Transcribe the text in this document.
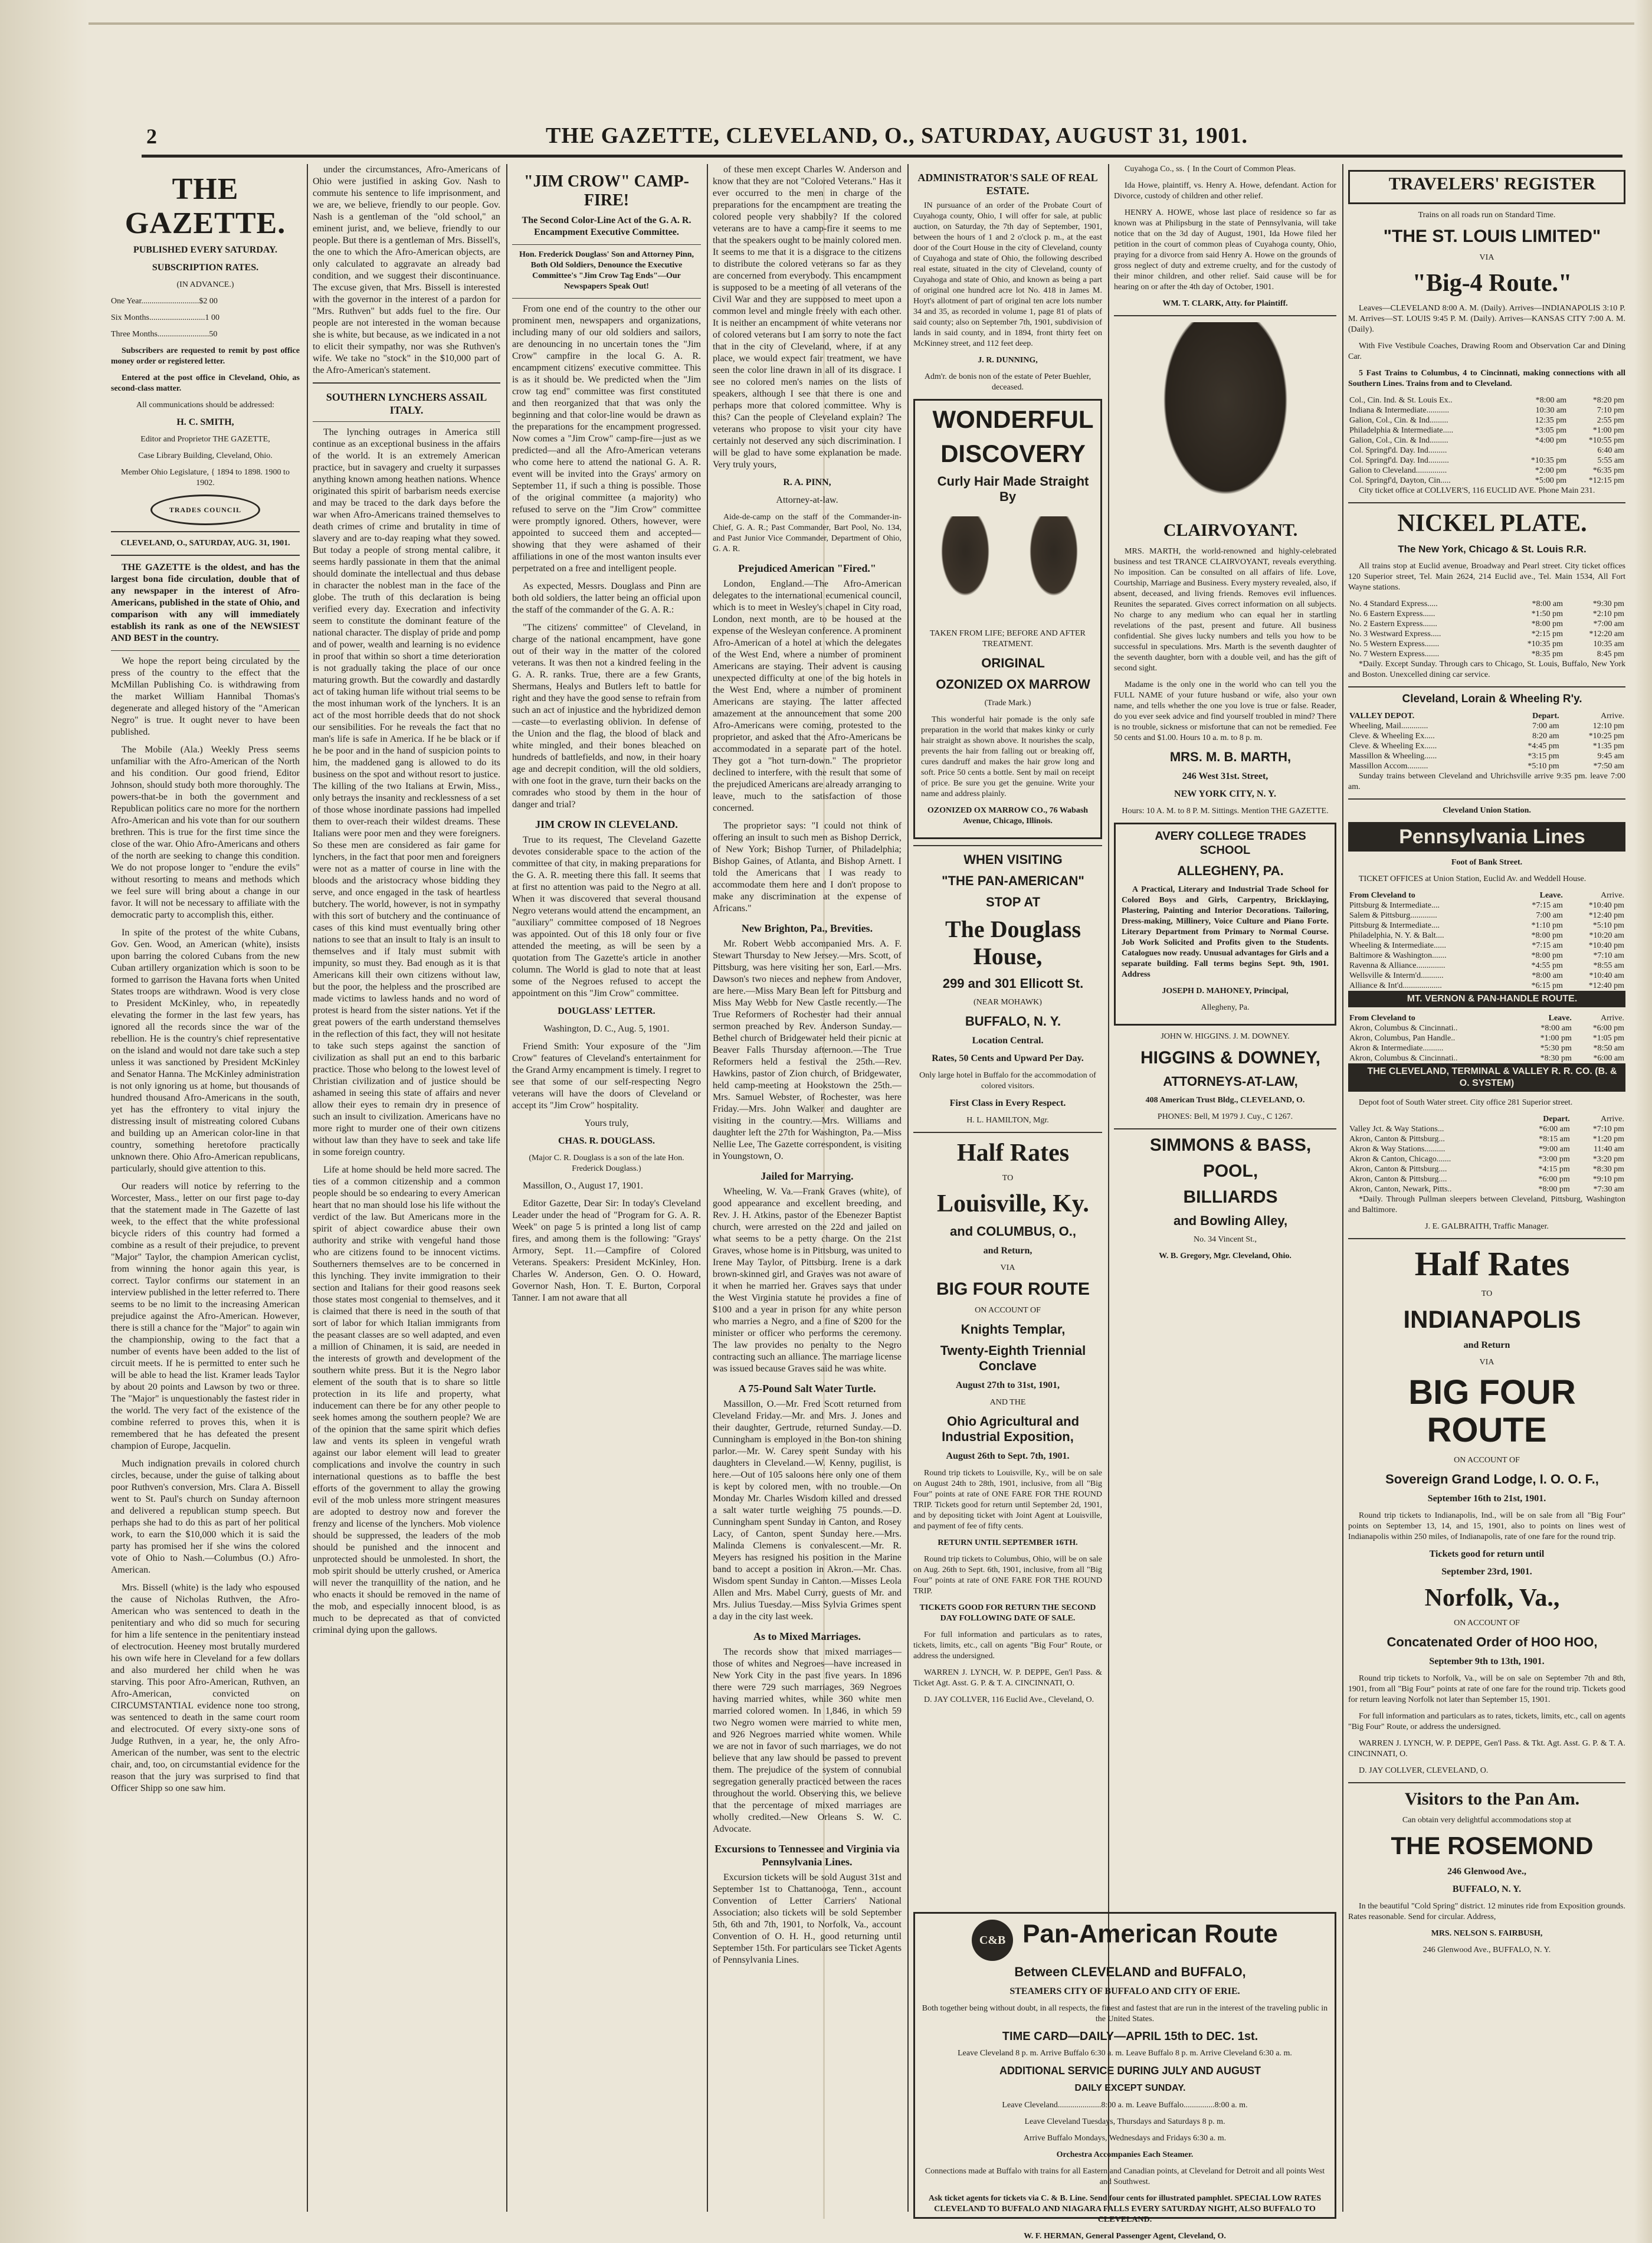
2	THE GAZETTE, CLEVELAND, O., SATURDAY, AUGUST 31, 1901.
THE GAZETTE.

PUBLISHED EVERY SATURDAY.

SUBSCRIPTION RATES.

(IN ADVANCE.)

One Year............................$2 00

Six Months...........................1 00

Three Months.........................50

Subscribers are requested to remit by post office money order or registered letter.

Entered at the post office in Cleveland, Ohio, as second-class matter.

All communications should be addressed:

H. C. SMITH,

Editor and Proprietor THE GAZETTE,

Case Library Building, Cleveland, Ohio.

Member Ohio Legislature, { 1894 to 1898. 1900 to 1902.

TRADES COUNCIL

CLEVELAND, O., SATURDAY, AUG. 31, 1901.

THE GAZETTE is the oldest, and has the largest bona fide circulation, double that of any newspaper in the interest of Afro-Americans, published in the state of Ohio, and comparison with any will immediately establish its rank as one of the NEWSIEST AND BEST in the country.

We hope the report being circulated by the press of the country to the effect that the McMillan Publishing Co. is withdrawing from the market William Hannibal Thomas's degenerate and alleged history of the "American Negro" is true. It ought never to have been published.

The Mobile (Ala.) Weekly Press seems unfamiliar with the Afro-American of the North and his condition. Our good friend, Editor Johnson, should study both more thoroughly. The powers-that-be in both the government and Republican politics care no more for the northern Afro-American and his vote than for our southern brethren. This is true for the first time since the close of the war. Ohio Afro-Americans and others of the north are seeking to change this condition. We do not propose longer to "endure the evils" without resorting to means and methods which we feel sure will bring about a change in our favor. It will not be necessary to affiliate with the democratic party to accomplish this, either.

In spite of the protest of the white Cubans, Gov. Gen. Wood, an American (white), insists upon barring the colored Cubans from the new Cuban artillery organization which is soon to be formed to garrison the Havana forts when United States troops are withdrawn. Wood is very close to President McKinley, who, in repeatedly elevating the former in the last few years, has ignored all the records since the war of the rebellion. He is the country's chief representative on the island and would not dare take such a step unless it was sanctioned by President McKinley and Senator Hanna. The McKinley administration is not only ignoring us at home, but thousands of hundred thousand Afro-Americans in the south, yet has the effrontery to vital injury the distressing insult of mistreating colored Cubans and building up an American color-line in that country, something heretofore practically unknown there. Ohio Afro-American republicans, particularly, should give attention to this.

Our readers will notice by referring to the Worcester, Mass., letter on our first page to-day that the statement made in The Gazette of last week, to the effect that the white professional bicycle riders of this country had formed a combine as a result of their prejudice, to prevent "Major" Taylor, the champion American cyclist, from winning the honor again this year, is correct. Taylor confirms our statement in an interview published in the letter referred to. There seems to be no limit to the increasing American prejudice against the Afro-American. However, there is still a chance for the "Major" to again win the championship, owing to the fact that a number of events have been added to the list of circuit meets. If he is permitted to enter such he will be able to head the list. Kramer leads Taylor by about 20 points and Lawson by two or three. The "Major" is unquestionably the fastest rider in the world. The very fact of the existence of the combine referred to proves this, when it is remembered that he has defeated the present champion of Europe, Jacquelin.

Much indignation prevails in colored church circles, because, under the guise of talking about poor Ruthven's conversion, Mrs. Clara A. Bissell went to St. Paul's church on Sunday afternoon and delivered a republican stump speech. But perhaps she had to do this as part of her political work, to earn the $10,000 which it is said the party has promised her if she wins the colored vote of Ohio to Nash.—Columbus (O.) Afro-American.

Mrs. Bissell (white) is the lady who espoused the cause of Nicholas Ruthven, the Afro-American who was sentenced to death in the penitentiary and who did so much for securing for him a life sentence in the penitentiary instead of electrocution. Heeney most brutally murdered his own wife here in Cleveland for a few dollars and also murdered her child when he was starving. This poor Afro-American, Ruthven, an Afro-American, convicted on CIRCUMSTANTIAL evidence none too strong, was sentenced to death in the same court room and electrocuted. Of every sixty-one sons of Judge Ruthven, in a year, he, the only Afro-American of the number, was sent to the electric chair, and, too, on circumstantial evidence for the reason that the jury was surprised to find that Officer Shipp so one saw him.

under the circumstances, Afro-Americans of Ohio were justified in asking Gov. Nash to commute his sentence to life imprisonment, and we are, we believe, friendly to our people. Gov. Nash is a gentleman of the "old school," an eminent jurist, and, we believe, friendly to our people. But there is a gentleman of Mrs. Bissell's, the one to which the Afro-American objects, are only calculated to aggravate an already bad condition, and we suggest their discontinuance. The excuse given, that Mrs. Bissell is interested with the governor in the interest of a pardon for "Mrs. Ruthven" but adds fuel to the fire. Our people are not interested in the woman because she is white, but because, as we indicated in a not to elicit their sympathy, nor was she Ruthven's wife. We take no "stock" in the $10,000 part of the Afro-American's statement.

SOUTHERN LYNCHERS ASSAIL ITALY.

The lynching outrages in America still continue as an exceptional business in the affairs of the world. It is an extremely American practice, but in savagery and cruelty it surpasses anything known among heathen nations. Whence originated this spirit of barbarism needs exercise and may be traced to the dark days before the war when Afro-Americans trained themselves to death crimes of crime and brutality in time of slavery and are to-day reaping what they sowed. But today a people of strong mental calibre, it seems hardly passionate in them that the animal should dominate the intellectual and thus debase in character the noblest man in the face of the globe. The truth of this declaration is being verified every day. Execration and infectivity seem to constitute the dominant feature of the national character. The display of pride and pomp and of power, wealth and learning is no evidence in proof that within so short a time deterioration is not gradually taking the place of our once maturing growth. But the cowardly and dastardly act of taking human life without trial seems to be the most inhuman work of the lynchers. It is an act of the most horrible deeds that do not shock our sensibilities. For he reveals the fact that no man's life is safe in America. If he be black or if he be poor and in the hand of suspicion points to him, the maddened gang is allowed to do its business on the spot and without resort to justice. The killing of the two Italians at Erwin, Miss., only betrays the insanity and recklessness of a set of those whose inordinate passions had impelled them to over-reach their wildest dreams. These Italians were poor men and they were foreigners. So these men are considered as fair game for lynchers, in the fact that poor men and foreigners were not as a matter of course in line with the bloods and the aristocracy whose bidding they serve, and once engaged in the task of heartless butchery. The world, however, is not in sympathy with this sort of butchery and the continuance of cases of this kind must eventually bring other nations to see that an insult to Italy is an insult to themselves and if Italy must submit with impunity, so must they. Bad enough as it is that Americans kill their own citizens without law, but the poor, the helpless and the proscribed are made victims to lawless hands and no word of protest is heard from the sister nations. Yet if the great powers of the earth understand themselves in the reflection of this fact, they will not hesitate to take such steps against the sanction of civilization as shall put an end to this barbaric practice. Those who belong to the lowest level of Christian civilization and of justice should be ashamed in seeing this state of affairs and never allow their eyes to remain dry in presence of such an insult to civilization. Americans have no more right to murder one of their own citizens without law than they have to seek and take life in some foreign country.

Life at home should be held more sacred. The ties of a common citizenship and a common people should be so endearing to every American heart that no man should lose his life without the verdict of the law. But Americans more in the spirit of abject cowardice abuse their own authority and strike with vengeful hand those who are citizens found to be innocent victims. Southerners themselves are to be concerned in this lynching. They invite immigration to their section and Italians for their good reasons seek those states most congenial to themselves, and it is claimed that there is need in the south of that sort of labor for which Italian immigrants from the peasant classes are so well adapted, and even a million of Chinamen, it is said, are needed in the interests of growth and development of the southern white press. But it is the Negro labor element of the south that is to share so little protection in its life and property, what inducement can there be for any other people to seek homes among the southern people? We are of the opinion that the same spirit which defies law and vents its spleen in vengeful wrath against our labor element will lead to greater complications and involve the country in such international questions as to baffle the best efforts of the government to allay the growing evil of the mob unless more stringent measures are adopted to destroy now and forever the frenzy and license of the lynchers. Mob violence should be suppressed, the leaders of the mob should be punished and the innocent and unprotected should be unmolested. In short, the mob spirit should be utterly crushed, or America will never the tranquillity of the nation, and he who enacts it should be removed in the name of the mob, and especially innocent blood, is as much to be deprecated as that of convicted criminal dying upon the gallows.

"JIM CROW" CAMP-FIRE!

The Second Color-Line Act of the G. A. R. Encampment Executive Committee.

Hon. Frederick Douglass' Son and Attorney Pinn, Both Old Soldiers, Denounce the Executive Committee's "Jim Crow Tag Ends"—Our Newspapers Speak Out!

From one end of the country to the other our prominent men, newspapers and organizations, including many of our old soldiers and sailors, are denouncing in no uncertain tones the "Jim Crow" campfire in the local G. A. R. encampment citizens' executive committee. This is as it should be. We predicted when the "Jim crow tag end" committee was first constituted and then reorganized that that was only the beginning and that color-line would be drawn as the preparations for the encampment progressed. Now comes a "Jim Crow" camp-fire—just as we predicted—and all the Afro-American veterans who come here to attend the national G. A. R. event will be invited into the Grays' armory on September 11, if such a thing is possible. Those of the original committee (a majority) who refused to serve on the "Jim Crow" committee were promptly ignored. Others, however, were appointed to succeed them and accepted—showing that they were ashamed of their affiliations in one of the most wanton insults ever perpetrated on a free and intelligent people.

As expected, Messrs. Douglass and Pinn are both old soldiers, the latter being an official upon the staff of the commander of the G. A. R.:

"The citizens' committee" of Cleveland, in charge of the national encampment, have gone out of their way in the matter of the colored veterans. It was then not a kindred feeling in the G. A. R. ranks. True, there are a few Grants, Shermans, Healys and Butlers left to battle for right and they have the good sense to refrain from such an act of injustice and the hybridized demon—caste—to everlasting oblivion. In defense of the Union and the flag, the blood of black and white mingled, and their bones bleached on hundreds of battlefields, and now, in their hoary age and decrepit condition, will the old soldiers, with one foot in the grave, turn their backs on the comrades who stood by them in the hour of danger and trial?

JIM CROW IN CLEVELAND.

True to its request, The Cleveland Gazette devotes considerable space to the action of the committee of that city, in making preparations for the G. A. R. meeting there this fall. It seems that at first no attention was paid to the Negro at all. When it was discovered that several thousand Negro veterans would attend the encampment, an "auxiliary" committee composed of 18 Negroes was appointed. Out of this 18 only four or five attended the meeting, as will be seen by a quotation from The Gazette's article in another column. The World is glad to note that at least some of the Negroes refused to accept the appointment on this "Jim Crow" committee.

DOUGLASS' LETTER.

Washington, D. C., Aug. 5, 1901.

Friend Smith: Your exposure of the "Jim Crow" features of Cleveland's entertainment for the Grand Army encampment is timely. I regret to see that some of our self-respecting Negro veterans will have the doors of Cleveland or accept its "Jim Crow" hospitality.

Yours truly,

CHAS. R. DOUGLASS.

(Major C. R. Douglass is a son of the late Hon. Frederick Douglass.)

Massillon, O., August 17, 1901.

Editor Gazette, Dear Sir: In today's Cleveland Leader under the head of "Program for G. A. R. Week" on page 5 is printed a long list of camp fires, and among them is the following: "Grays' Armory, Sept. 11.—Campfire of Colored Veterans. Speakers: President McKinley, Hon. Charles W. Anderson, Gen. O. O. Howard, Governor Nash, Hon. T. E. Burton, Corporal Tanner. I am not aware that all

of these men except Charles W. Anderson and know that they are not "Colored Veterans." Has it ever occurred to the men in charge of the preparations for the encampment are treating the colored people very shabbily? If the colored veterans are to have a camp-fire it seems to me that the speakers ought to be mainly colored men. It seems to me that it is a disgrace to the citizens to distribute the colored veterans so far as they are concerned from everybody. This encampment is supposed to be a meeting of all veterans of the Civil War and they are supposed to meet upon a common level and mingle freely with each other. It is neither an encampment of white veterans nor of colored veterans but I am sorry to note the fact that in the city of Cleveland, where, if at any place, we would expect fair treatment, we have seen the color line drawn in all of its disgrace. I see no colored men's names on the lists of speakers, although I see that there is one and perhaps more that colored committee. Why is this? Can the people of Cleveland explain? The veterans who propose to visit your city have certainly not deserved any such discrimination. I will be glad to have some explanation be made. Very truly yours,

R. A. PINN,

Attorney-at-law.

Aide-de-camp on the staff of the Commander-in-Chief, G. A. R.; Past Commander, Bart Pool, No. 134, and Past Junior Vice Commander, Department of Ohio, G. A. R.

Prejudiced American "Fired."

London, England.—The Afro-American delegates to the international ecumenical council, which is to meet in Wesley's chapel in City road, London, next month, are to be housed at the expense of the Wesleyan conference. A prominent Afro-American of a hotel at which the delegates of the West End, where a number of prominent Americans are staying. Their advent is causing unexpected difficulty at one of the big hotels in the West End, where a number of prominent Americans are staying. The latter affected amazement at the announcement that some 200 Afro-Americans were coming, protested to the proprietor, and asked that the Afro-Americans be accommodated in a separate part of the hotel. They got a "hot turn-down." The proprietor declined to interfere, with the result that some of the prejudiced Americans are already arranging to leave, much to the satisfaction of those concerned.

The proprietor says: "I could not think of offering an insult to such men as Bishop Derrick, of New York; Bishop Turner, of Philadelphia; Bishop Gaines, of Atlanta, and Bishop Arnett. I told the Americans that I was ready to accommodate them here and I don't propose to make any discrimination at the expense of Africans."

New Brighton, Pa., Brevities.

Mr. Robert Webb accompanied Mrs. A. F. Stewart Thursday to New Jersey.—Mrs. Scott, of Pittsburg, was here visiting her son, Earl.—Mrs. Dawson's two nieces and nephew from Andover, are here.—Miss Mary Bean left for Pittsburg and Miss May Webb for New Castle recently.—The True Reformers of Rochester had their annual sermon preached by Rev. Anderson Sunday.—Bethel church of Bridgewater held their picnic at Beaver Falls Thursday afternoon.—The True Reformers held a festival the 25th.—Rev. Hawkins, pastor of Zion church, of Bridgewater, held camp-meeting at Hookstown the 25th.—Mrs. Samuel Webster, of Rochester, was here Friday.—Mrs. John Walker and daughter are visiting in the country.—Mrs. Williams and daughter left the 27th for Washington, Pa.—Miss Nellie Lee, The Gazette correspondent, is visiting in Youngstown, O.

Jailed for Marrying.

Wheeling, W. Va.—Frank Graves (white), of good appearance and excellent breeding, and Rev. J. H. Atkins, pastor of the Ebenezer Baptist church, were arrested on the 22d and jailed on what seems to be a petty charge. On the 21st Graves, whose home is in Pittsburg, was united to Irene May Taylor, of Pittsburg. Irene is a dark brown-skinned girl, and Graves was not aware of it when he married her. Graves says that under the West Virginia statute he provides a fine of $100 and a year in prison for any white person who marries a Negro, and a fine of $200 for the minister or officer who performs the ceremony. The law provides no penalty to the Negro contracting such an alliance. The marriage license was issued because Graves said he was white.

A 75-Pound Salt Water Turtle.

Massillon, O.—Mr. Fred Scott returned from Cleveland Friday.—Mr. and Mrs. J. Jones and their daughter, Gertrude, returned Sunday.—D. Cunningham is employed in the Bon-ton shining parlor.—Mr. W. Carey spent Sunday with his daughters in Cleveland.—W. Kenny, pugilist, is here.—Out of 105 saloons here only one of them is kept by colored men, with no trouble.—On Monday Mr. Charles Wisdom killed and dressed a salt water turtle weighing 75 pounds.—D. Cunningham spent Sunday in Canton, and Rosey Lacy, of Canton, spent Sunday here.—Mrs. Malinda Clemens is convalescent.—Mr. R. Meyers has resigned his position in the Marine band to accept a position in Akron.—Mr. Chas. Wisdom spent Sunday in Canton.—Misses Leola Allen and Mrs. Mabel Curry, guests of Mr. and Mrs. Julius Tuesday.—Miss Sylvia Grimes spent a day in the city last week.

As to Mixed Marriages.

The records show that mixed marriages—those of whites and Negroes—have increased in New York City in the past five years. In 1896 there were 729 such marriages, 369 Negroes having married whites, while 360 white men married colored women. In 1,846, in which 59 two Negro women were married to white men, and 926 Negroes married white women. While we are not in favor of such marriages, we do not believe that any law should be passed to prevent them. The prejudice of the system of connubial segregation generally practiced between the races throughout the world. Observing this, we believe that the percentage of mixed marriages are wholly credited.—New Orleans S. W. C. Advocate.

Excursions to Tennessee and Virginia via Pennsylvania Lines.

Excursion tickets will be sold August 31st and September 1st to Chattanooga, Tenn., account Convention of Letter Carriers' National Association; also tickets will be sold September 5th, 6th and 7th, 1901, to Norfolk, Va., account Convention of O. H. H., good returning until September 15th. For particulars see Ticket Agents of Pennsylvania Lines.

ADMINISTRATOR'S SALE OF REAL ESTATE.

IN pursuance of an order of the Probate Court of Cuyahoga county, Ohio, I will offer for sale, at public auction, on Saturday, the 7th day of September, 1901, between the hours of 1 and 2 o'clock p. m., at the east door of the Court House in the city of Cleveland, county of Cuyahoga and state of Ohio, the following described real estate, situated in the city of Cleveland, county of Cuyahoga and state of Ohio, and known as being a part of original one hundred acre lot No. 418 in James M. Hoyt's allotment of part of original ten acre lots number 34 and 35, as recorded in volume 1, page 81 of plats of said county; also on September 7th, 1901, subdivision of lands in said county, and in 1894, front thirty feet on McKinney street, and 112 feet deep.

J. R. DUNNING,

Adm'r. de bonis non of the estate of Peter Buehler, deceased.

WONDERFUL

DISCOVERY

Curly Hair Made Straight By

TAKEN FROM LIFE; BEFORE AND AFTER TREATMENT.

ORIGINAL

OZONIZED OX MARROW

(Trade Mark.)

This wonderful hair pomade is the only safe preparation in the world that makes kinky or curly hair straight as shown above. It nourishes the scalp, prevents the hair from falling out or breaking off, cures dandruff and makes the hair grow long and soft. Price 50 cents a bottle. Sent by mail on receipt of price. Be sure you get the genuine. Write your name and address plainly.

OZONIZED OX MARROW CO., 76 Wabash Avenue, Chicago, Illinois.

WHEN VISITING

"THE PAN-AMERICAN"

STOP AT

The Douglass House,

299 and 301 Ellicott St.

(NEAR MOHAWK)

BUFFALO, N. Y.

Location Central.

Rates, 50 Cents and Upward Per Day.

Only large hotel in Buffalo for the accommodation of colored visitors.

First Class in Every Respect.

H. L. HAMILTON, Mgr.

Half Rates

TO

Louisville, Ky.

and COLUMBUS, O.,

and Return,

VIA

BIG FOUR ROUTE

ON ACCOUNT OF

Knights Templar,

Twenty-Eighth Triennial Conclave

August 27th to 31st, 1901,

AND THE

Ohio Agricultural and Industrial Exposition,

August 26th to Sept. 7th, 1901.

Round trip tickets to Louisville, Ky., will be on sale on August 24th to 28th, 1901, inclusive, from all "Big Four" points at rate of ONE FARE FOR THE ROUND TRIP. Tickets good for return until September 2d, 1901, and by depositing ticket with Joint Agent at Louisville, and payment of fee of fifty cents.

RETURN UNTIL SEPTEMBER 16TH.

Round trip tickets to Columbus, Ohio, will be on sale on Aug. 26th to Sept. 6th, 1901, inclusive, from all "Big Four" points at rate of ONE FARE FOR THE ROUND TRIP.

TICKETS GOOD FOR RETURN THE SECOND DAY FOLLOWING DATE OF SALE.

For full information and particulars as to rates, tickets, limits, etc., call on agents "Big Four" Route, or address the undersigned.

WARREN J. LYNCH, W. P. DEPPE, Gen'l Pass. & Ticket Agt. Asst. G. P. & T. A. CINCINNATI, O.

D. JAY COLLVER, 116 Euclid Ave., Cleveland, O.

Cuyahoga Co., ss. { In the Court of Common Pleas.

Ida Howe, plaintiff, vs. Henry A. Howe, defendant. Action for Divorce, custody of children and other relief.

HENRY A. HOWE, whose last place of residence so far as known was at Philipsburg in the state of Pennsylvania, will take notice that on the 3d day of August, 1901, Ida Howe filed her petition in the court of common pleas of Cuyahoga county, Ohio, praying for a divorce from said Henry A. Howe on the grounds of gross neglect of duty and extreme cruelty, and for the custody of their minor children, and other relief. Said cause will be for hearing on or after the 4th day of October, 1901.

WM. T. CLARK, Atty. for Plaintiff.

CLAIRVOYANT.

MRS. MARTH, the world-renowned and highly-celebrated business and test TRANCE CLAIRVOYANT, reveals everything. No imposition. Can be consulted on all affairs of life. Love, Courtship, Marriage and Business. Every mystery revealed, also, if absent, deceased, and living friends. Removes evil influences. Reunites the separated. Gives correct information on all subjects. No charge to any medium who can equal her in startling revelations of the past, present and future. All business confidential. She gives lucky numbers and tells you how to be successful in speculations. Mrs. Marth is the seventh daughter of the seventh daughter, born with a double veil, and has the gift of second sight.

Madame is the only one in the world who can tell you the FULL NAME of your future husband or wife, also your own name, and tells whether the one you love is true or false. Reader, do you ever seek advice and find yourself troubled in mind? There is no trouble, sickness or misfortune that can not be remedied. Fee 50 cents and $1.00. Hours 10 a. m. to 8 p. m.

MRS. M. B. MARTH,

246 West 31st. Street,

NEW YORK CITY, N. Y.

Hours: 10 A. M. to 8 P. M. Sittings. Mention THE GAZETTE.

AVERY COLLEGE TRADES SCHOOL

ALLEGHENY, PA.

A Practical, Literary and Industrial Trade School for Colored Boys and Girls, Carpentry, Bricklaying, Plastering, Painting and Interior Decorations. Tailoring, Dress-making, Millinery, Voice Culture and Piano Forte. Literary Department from Primary to Normal Course. Job Work Solicited and Profits given to the Students. Catalogues now ready. Unusual advantages for Girls and a separate building. Fall terms begins Sept. 9th, 1901. Address

JOSEPH D. MAHONEY, Principal,

Allegheny, Pa.

JOHN W. HIGGINS. J. M. DOWNEY.

HIGGINS & DOWNEY,

ATTORNEYS-AT-LAW,

408 American Trust Bldg., CLEVELAND, O.

PHONES: Bell, M 1979 J. Cuy., C 1267.

SIMMONS & BASS,

POOL,

BILLIARDS

and Bowling Alley,

No. 34 Vincent St.,

W. B. Gregory, Mgr. Cleveland, Ohio.

C&B Pan-American Route

Between CLEVELAND and BUFFALO,

STEAMERS CITY OF BUFFALO AND CITY OF ERIE.

Both together being without doubt, in all respects, the finest and fastest that are run in the interest of the traveling public in the United States.

TIME CARD—DAILY—APRIL 15th to DEC. 1st.

Leave Cleveland 8 p. m. Arrive Buffalo 6:30 a. m. Leave Buffalo 8 p. m. Arrive Cleveland 6:30 a. m.

ADDITIONAL SERVICE DURING JULY AND AUGUST

DAILY EXCEPT SUNDAY.

Leave Cleveland.....................8:00 a. m. Leave Buffalo...............8:00 a. m.

Leave Cleveland Tuesdays, Thursdays and Saturdays 8 p. m.

Arrive Buffalo Mondays, Wednesdays and Fridays 6:30 a. m.

Orchestra Accompanies Each Steamer.

Connections made at Buffalo with trains for all Eastern and Canadian points, at Cleveland for Detroit and all points West and Southwest.

Ask ticket agents for tickets via C. & B. Line. Send four cents for illustrated pamphlet. SPECIAL LOW RATES CLEVELAND TO BUFFALO AND NIAGARA FALLS EVERY SATURDAY NIGHT, ALSO BUFFALO TO CLEVELAND.

W. F. HERMAN, General Passenger Agent, Cleveland, O.

TRAVELERS' REGISTER

Trains on all roads run on Standard Time.

"THE ST. LOUIS LIMITED"

VIA

"Big-4 Route."

Leaves—CLEVELAND 8:00 A. M. (Daily). Arrives—INDIANAPOLIS 3:10 P. M. Arrives—ST. LOUIS 9:45 P. M. (Daily). Arrives—KANSAS CITY 7:00 A. M. (Daily).

With Five Vestibule Coaches, Drawing Room and Observation Car and Dining Car.

5 Fast Trains to Columbus, 4 to Cincinnati, making connections with all Southern Lines. Trains from and to Cleveland.

Col., Cin. Ind. & St. Louis Ex..	*8:00 am	*8:20 pm
Indiana & Intermediate...........	10:30 am	7:10 pm
Galion, Col., Cin. & Ind.........	12:35 pm	2:55 pm
Philadelphia & Intermediate.....	*3:05 pm	*1:00 pm
Galion, Col., Cin. & Ind.........	*4:00 pm	*10:55 pm
Col. Springf'd. Day. Ind.........		6:40 am
Col. Springf'd. Day. Ind..........	*10:35 pm	5:55 am
Galion to Cleveland...............	*2:00 pm	*6:35 pm
Col. Springf'd, Dayton, Cin.....	*5:00 pm	*12:15 pm

City ticket office at COLLVER'S, 116 EUCLID AVE. Phone Main 231.

NICKEL PLATE.

The New York, Chicago & St. Louis R.R.

All trains stop at Euclid avenue, Broadway and Pearl street. City ticket offices 120 Superior street, Tel. Main 2624, 214 Euclid ave., Tel. Main 1534, All Fort Wayne stations.

No. 4 Standard Express.....	*8:00 am	*9:30 pm
No. 6 Eastern Express......	*1:50 pm	*2:10 pm
No. 2 Eastern Express.......	*8:00 pm	*7:00 am
No. 3 Westward Express.....	*2:15 pm	*12:20 am
No. 5 Western Express.......	*10:35 pm	10:35 am
No. 7 Western Express.......	*8:35 pm	8:45 pm

*Daily. Except Sunday. Through cars to Chicago, St. Louis, Buffalo, New York and Boston. Unexcelled dining car service.

Cleveland, Lorain & Wheeling R'y.

VALLEY DEPOT.	Depart.	Arrive.
Wheeling, Mail.............	7:00 am	12:10 pm
Cleve. & Wheeling Ex.....	8:20 am	*10:25 pm
Cleve. & Wheeling Ex......	*4:45 pm	*1:35 pm
Massillon & Wheeling......	*3:15 pm	9:45 am
Massillon Accom..........	*5:10 pm	*7:50 am

Sunday trains between Cleveland and Uhrichsville arrive 9:35 pm. leave 7:00 am.

Cleveland Union Station.

Pennsylvania Lines

Foot of Bank Street.

TICKET OFFICES at Union Station, Euclid Av. and Weddell House.

From Cleveland to	Leave.	Arrive.
Pittsburg & Intermediate....	*7:15 am	*10:40 pm
Salem & Pittsburg.............	7:00 am	*12:40 pm
Pittsburg & Intermediate....	*1:10 pm	*5:10 pm
Philadelphia, N. Y. & Balt....	*8:00 pm	*10:20 am
Wheeling & Intermediate......	*7:15 am	*10:40 pm
Baltimore & Washington.......	*8:00 pm	*7:10 am
Ravenna & Alliance..............	*4:55 pm	*8:55 am
Wellsville & Interm'd...........	*8:00 am	*10:40 am
Alliance & Int'd...................	*6:15 pm	*12:40 pm

MT. VERNON & PAN-HANDLE ROUTE.

From Cleveland to	Leave.	Arrive.
Akron, Columbus & Cincinnati..	*8:00 am	*6:00 pm
Akron, Columbus, Pan Handle..	*1:00 pm	*1:05 pm
Akron & Intermediate..........	*5:30 pm	*8:50 am
Akron, Columbus & Cincinnati..	*8:30 pm	*6:00 am

THE CLEVELAND, TERMINAL & VALLEY R. R. CO. (B. & O. SYSTEM)

Depot foot of South Water street. City office 281 Superior street.

	Depart.	Arrive.
Valley Jct. & Way Stations...	*6:00 am	*7:10 pm
Akron, Canton & Pittsburg...	*8:15 am	*1:20 pm
Akron & Way Stations..........	*9:00 am	11:40 am
Akron & Canton, Chicago.......	*3:00 pm	*3:20 pm
Akron, Canton & Pittsburg....	*4:15 pm	*8:30 pm
Akron, Canton & Pittsburg....	*6:00 pm	*9:10 pm
Akron, Canton, Newark, Pitts..	*8:00 pm	*7:30 am

*Daily. Through Pullman sleepers between Cleveland, Pittsburg, Washington and Baltimore.

J. E. GALBRAITH, Traffic Manager.

Half Rates

TO

INDIANAPOLIS

and Return

VIA

BIG FOUR ROUTE

ON ACCOUNT OF

Sovereign Grand Lodge, I. O. O. F.,

September 16th to 21st, 1901.

Round trip tickets to Indianapolis, Ind., will be on sale from all "Big Four" points on September 13, 14, and 15, 1901, also to points on lines west of Indianapolis within 250 miles, of Indianapolis, rate of one fare for the round trip.

Tickets good for return until

September 23rd, 1901.

Norfolk, Va.,

ON ACCOUNT OF

Concatenated Order of HOO HOO,

September 9th to 13th, 1901.

Round trip tickets to Norfolk, Va., will be on sale on September 7th and 8th, 1901, from all "Big Four" points at rate of one fare for the round trip. Tickets good for return leaving Norfolk not later than September 15, 1901.

For full information and particulars as to rates, tickets, limits, etc., call on agents "Big Four" Route, or address the undersigned.

WARREN J. LYNCH, W. P. DEPPE, Gen'l Pass. & Tkt. Agt. Asst. G. P. & T. A. CINCINNATI, O.

D. JAY COLLVER, CLEVELAND, O.

Visitors to the Pan Am.

Can obtain very delightful accommodations stop at

THE ROSEMOND

246 Glenwood Ave.,

BUFFALO, N. Y.

In the beautiful "Cold Spring" district. 12 minutes ride from Exposition grounds. Rates reasonable. Send for circular. Address,

MRS. NELSON S. FAIRBUSH,

246 Glenwood Ave., BUFFALO, N. Y.
